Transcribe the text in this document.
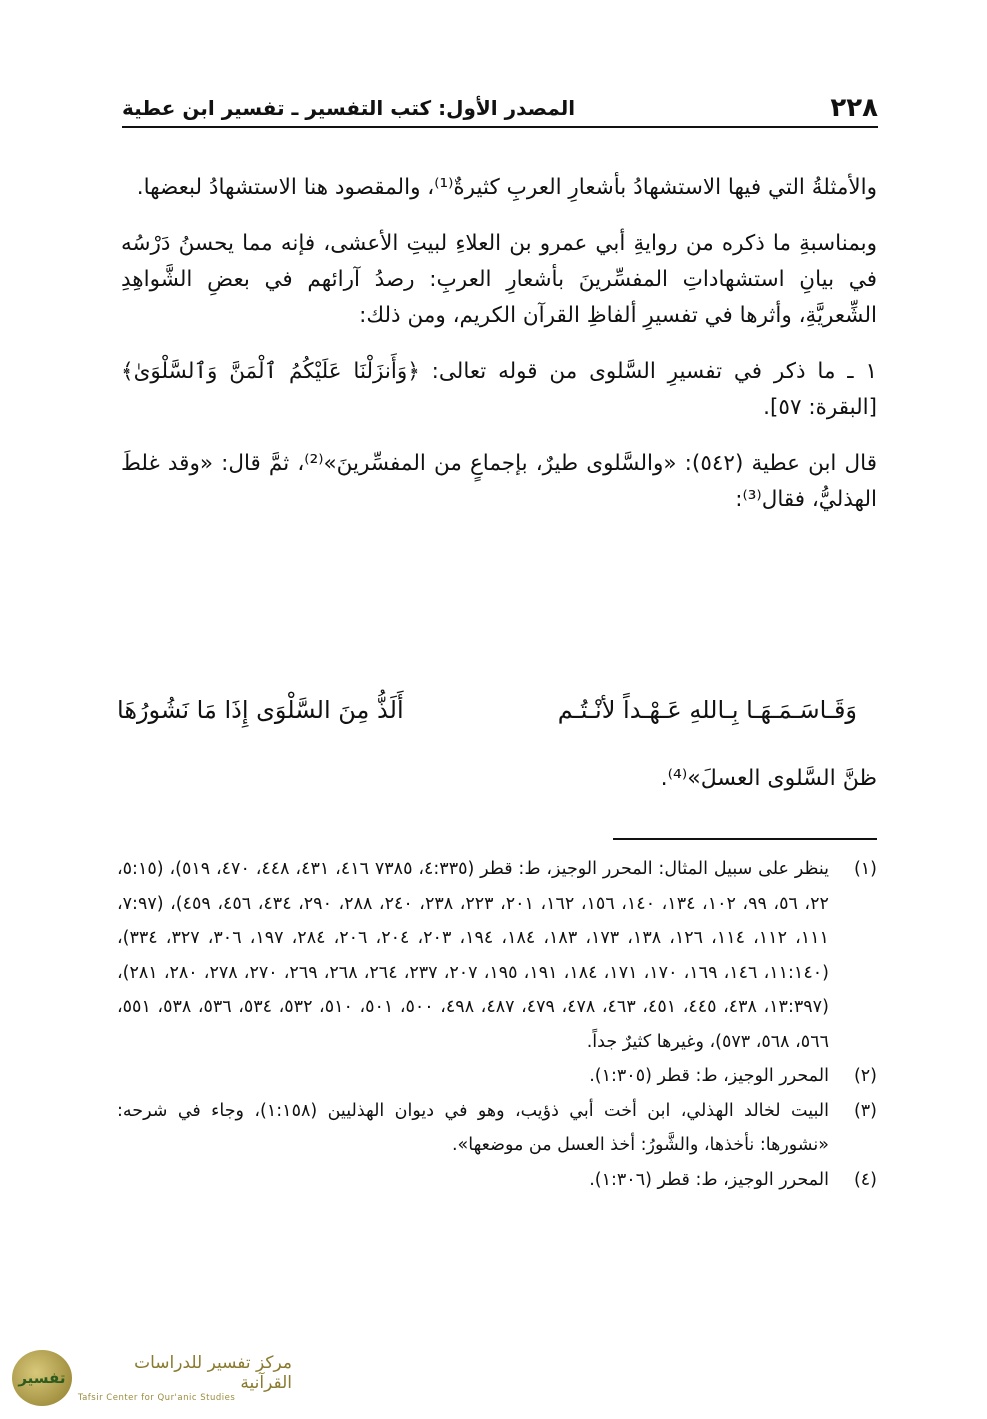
٢٢٨
المصدر الأول: كتب التفسير ـ تفسير ابن عطية

والأمثلةُ التي فيها الاستشهادُ بأشعارِ العربِ كثيرةٌ⁽¹⁾، والمقصود هنا الاستشهادُ لبعضها.

وبمناسبةِ ما ذكره من روايةِ أبي عمرو بن العلاءِ لبيتِ الأعشى، فإنه مما يحسنُ دَرْسُه في بيانِ استشهاداتِ المفسِّرينَ بأشعارِ العربِ: رصدُ آرائهم في بعضِ الشَّواهِدِ الشِّعريَّةِ، وأثرها في تفسيرِ ألفاظِ القرآن الكريم، ومن ذلك:

١ ـ ما ذكر في تفسيرِ السَّلوى من قوله تعالى: ﴿وَأَنزَلْنَا عَلَيْكُمُ ٱلْمَنَّ وَٱلسَّلْوَىٰ﴾ [البقرة: ٥٧].

قال ابن عطية (٥٤٢): «والسَّلوى طيرٌ، بإجماعٍ من المفسِّرينَ»⁽²⁾، ثمَّ قال: «وقد غلطَ الهذليُّ، فقال⁽³⁾:

وَقَـاسَـمَـهَـا بِـاللهِ عَـهْـداً لأنْـتُـم
أَلَذُّ مِنَ السَّلْوَى إِذَا مَا نَشُورُهَا
ظنَّ السَّلوى العسلَ»⁽⁴⁾.
(١)
ينظر على سبيل المثال: المحرر الوجيز، ط: قطر (٤:٣٣٥، ٧٣٨٥ ٤١٦، ٤٣١، ٤٤٨، ٤٧٠، ٥١٩)، (٥:١٥، ٢٢، ٥٦، ٩٩، ١٠٢، ١٣٤، ١٤٠، ١٥٦، ١٦٢، ٢٠١، ٢٢٣، ٢٣٨، ٢٤٠، ٢٨٨، ٢٩٠، ٤٣٤، ٤٥٦، ٤٥٩)، (٧:٩٧، ١١١، ١١٢، ١١٤، ١٢٦، ١٣٨، ١٧٣، ١٨٣، ١٨٤، ١٩٤، ٢٠٣، ٢٠٤، ٢٠٦، ٢٨٤، ١٩٧، ٣٠٦، ٣٢٧، ٣٣٤)، (١١:١٤٠، ١٤٦، ١٦٩، ١٧٠، ١٧١، ١٨٤، ١٩١، ١٩٥، ٢٠٧، ٢٣٧، ٢٦٤، ٢٦٨، ٢٦٩، ٢٧٠، ٢٧٨، ٢٨٠، ٢٨١)، (١٣:٣٩٧، ٤٣٨، ٤٤٥، ٤٥١، ٤٦٣، ٤٧٨، ٤٧٩، ٤٨٧، ٤٩٨، ٥٠٠، ٥٠١، ٥١٠، ٥٣٢، ٥٣٤، ٥٣٦، ٥٣٨، ٥٥١، ٥٦٦، ٥٦٨، ٥٧٣)، وغيرها كثيرٌ جداً.
(٢)
المحرر الوجيز، ط: قطر (١:٣٠٥).
(٣)
البيت لخالد الهذلي، ابن أخت أبي ذؤيب، وهو في ديوان الهذليين (١:١٥٨)، وجاء في شرحه: «نشورها: نأخذها، والشَّورُ: أخذ العسل من موضعها».
(٤)
المحرر الوجيز، ط: قطر (١:٣٠٦).
تفسير
مركز تفسير للدراسات القرآنية
Tafsir Center for Qur'anic Studies
